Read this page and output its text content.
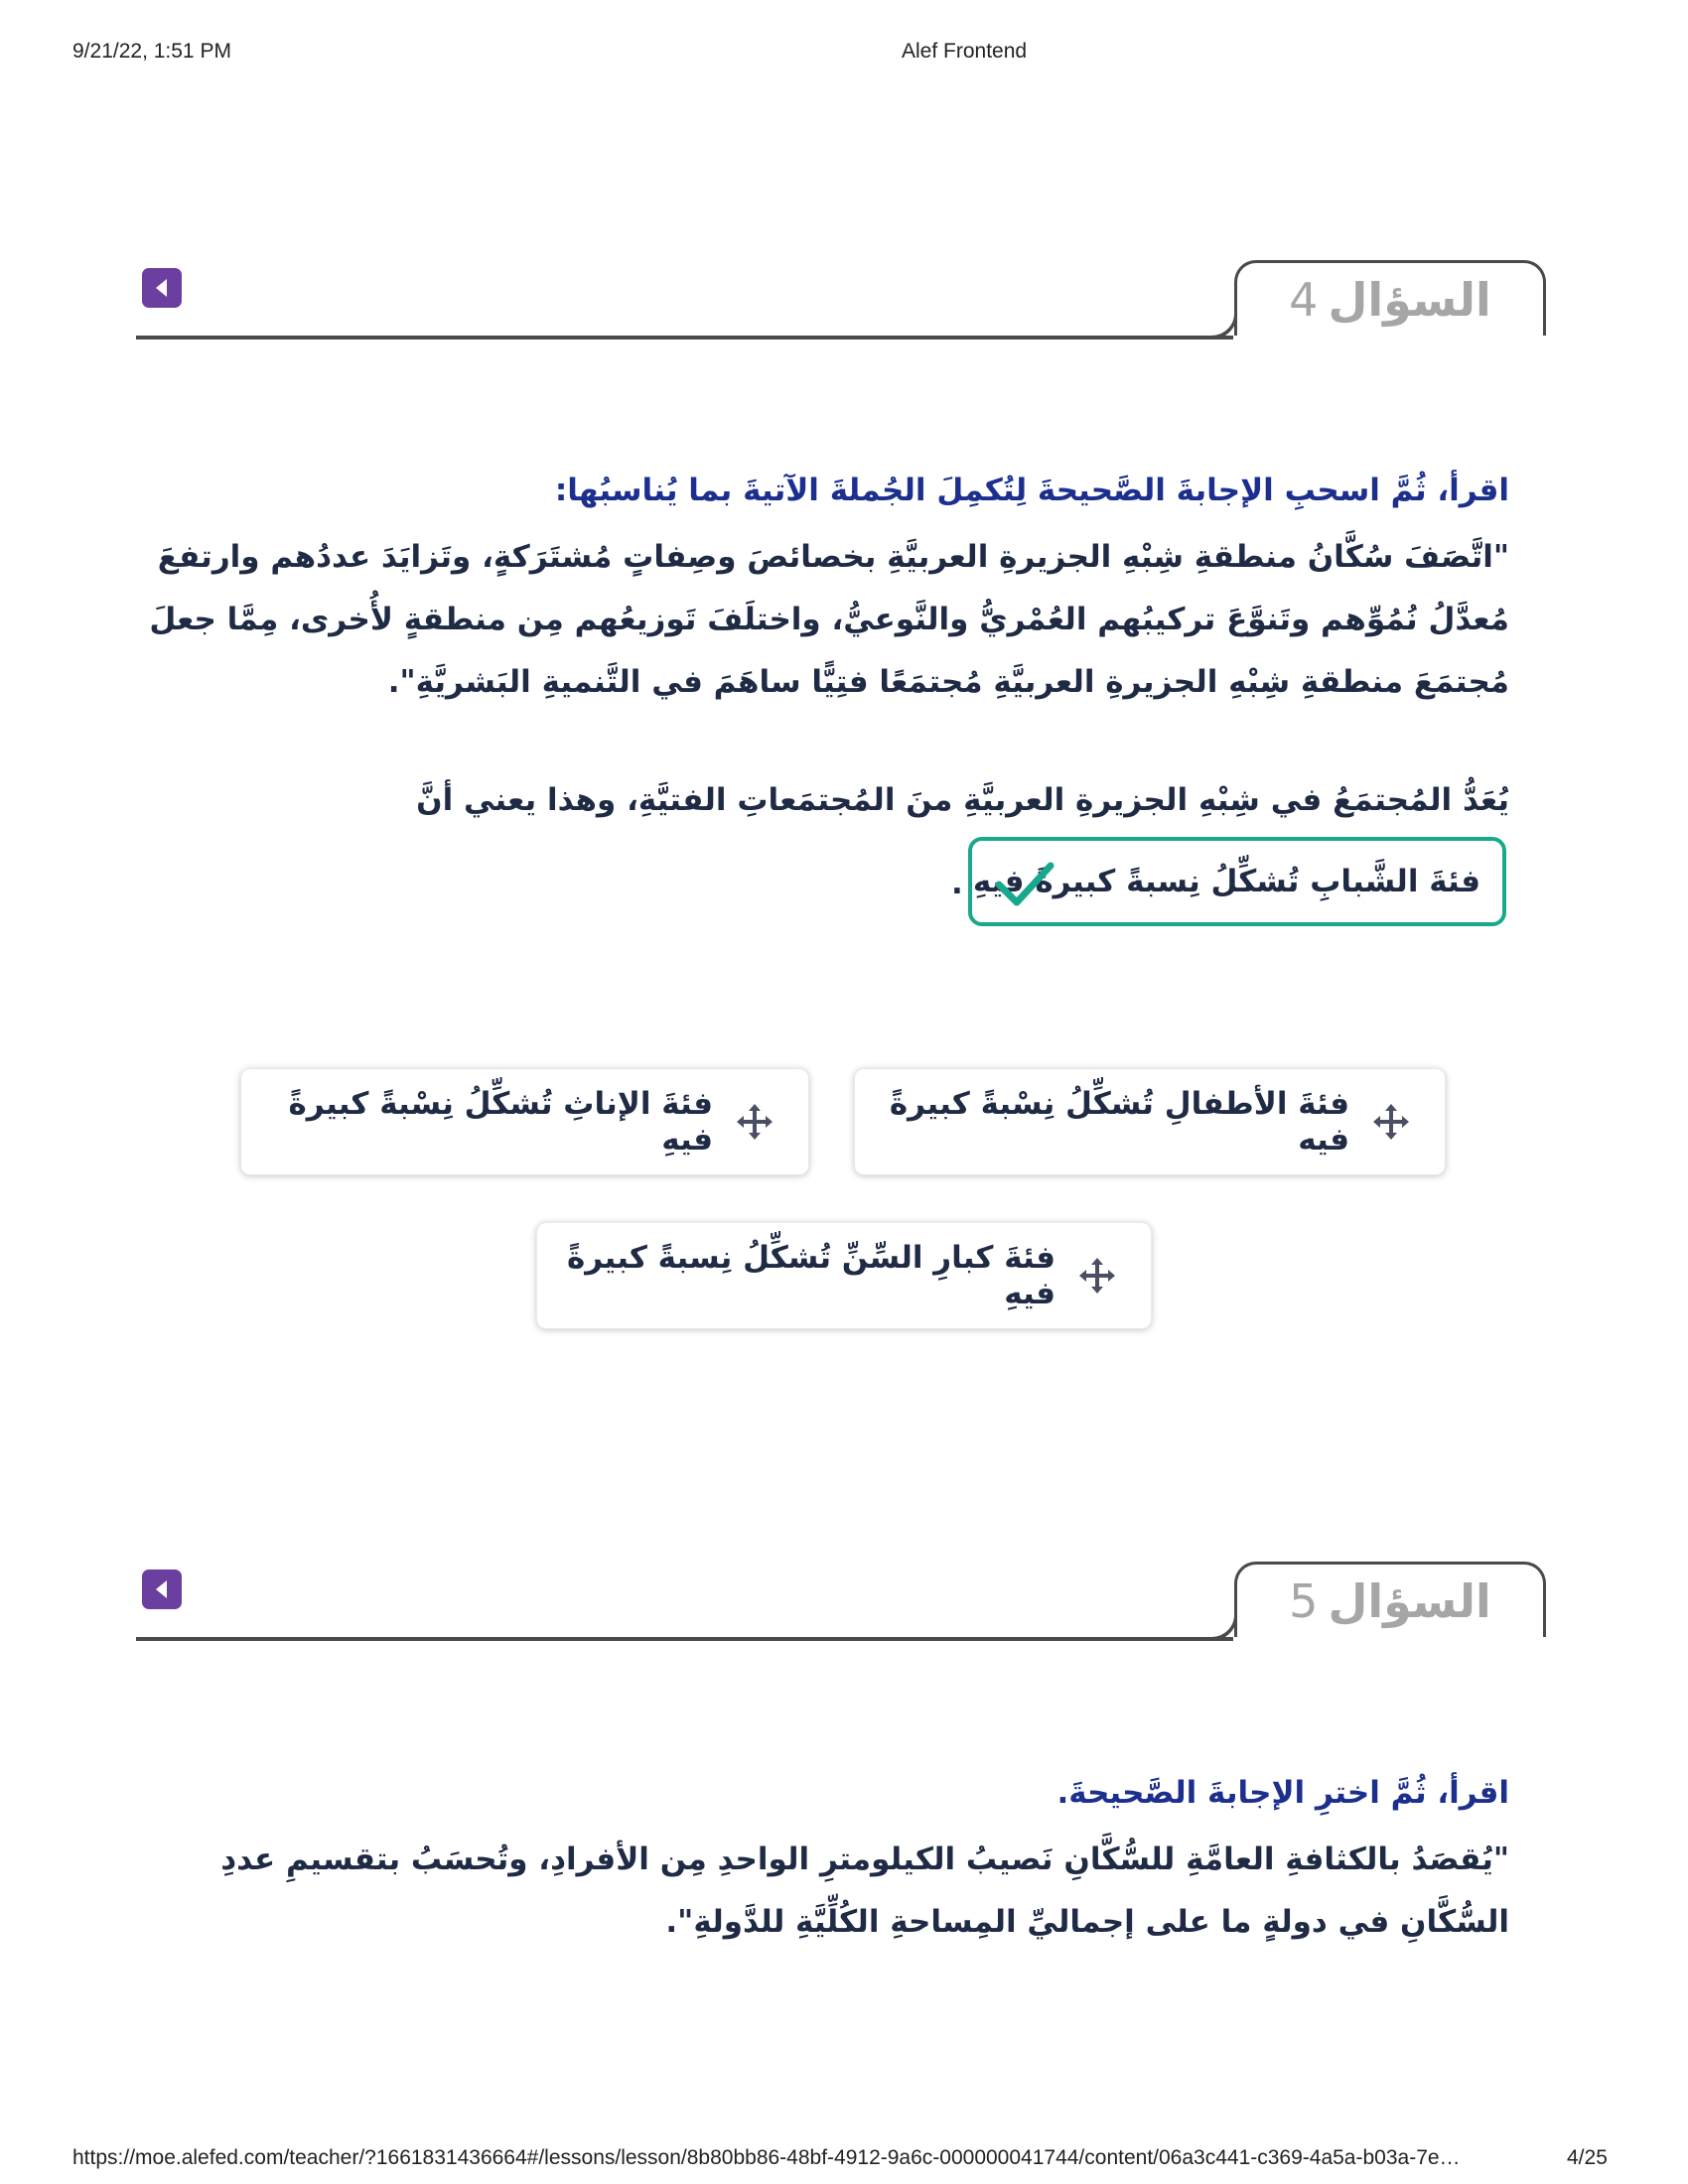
9/21/22, 1:51 PM	Alef Frontend
السؤال
4
اقرأ، ثُمَّ اسحبِ الإجابةَ الصَّحيحةَ لِتُكمِلَ الجُملةَ الآتيةَ بما يُناسبُها:
"اتَّصَفَ سُكَّانُ منطقةِ شِبْهِ الجزيرةِ العربيَّةِ بخصائصَ وصِفاتٍ مُشتَرَكةٍ، وتَزايَدَ عددُهم وارتفعَ مُعدَّلُ نُمُوِّهم وتَنوَّعَ تركيبُهم العُمْريُّ والنَّوعيُّ، واختلَفَ تَوزيعُهم مِن منطقةٍ لأُخرى، مِمَّا جعلَ مُجتمَعَ منطقةِ شِبْهِ الجزيرةِ العربيَّةِ مُجتمَعًا فتِيًّا ساهَمَ في التَّنميةِ البَشريَّةِ".
يُعَدُّ المُجتمَعُ في شِبْهِ الجزيرةِ العربيَّةِ منَ المُجتمَعاتِ الفتيَّةِ، وهذا يعني أنَّ
فئةَ الشَّبابِ تُشكِّلُ نِسبةً كبيرةً فيهِ
.
فئةَ الأطفالِ تُشكِّلُ نِسْبةً كبيرةً فيه
فئةَ الإناثِ تُشكِّلُ نِسْبةً كبيرةً فيهِ
فئةَ كبارِ السِّنِّ تُشكِّلُ نِسبةً كبيرةً فيهِ
السؤال
5
اقرأ، ثُمَّ اخترِ الإجابةَ الصَّحيحةَ.
"يُقصَدُ بالكثافةِ العامَّةِ للسُّكَّانِ نَصيبُ الكيلومترِ الواحدِ مِن الأفرادِ، وتُحسَبُ بتقسيمِ عددِ السُّكَّانِ في دولةٍ ما على إجماليِّ المِساحةِ الكُلِّيَّةِ للدَّولةِ".
https://moe.alefed.com/teacher/?1661831436664#/lessons/lesson/8b80bb86-48bf-4912-9a6c-000000041744/content/06a3c441-c369-4a5a-b03a-7e…	4/25
